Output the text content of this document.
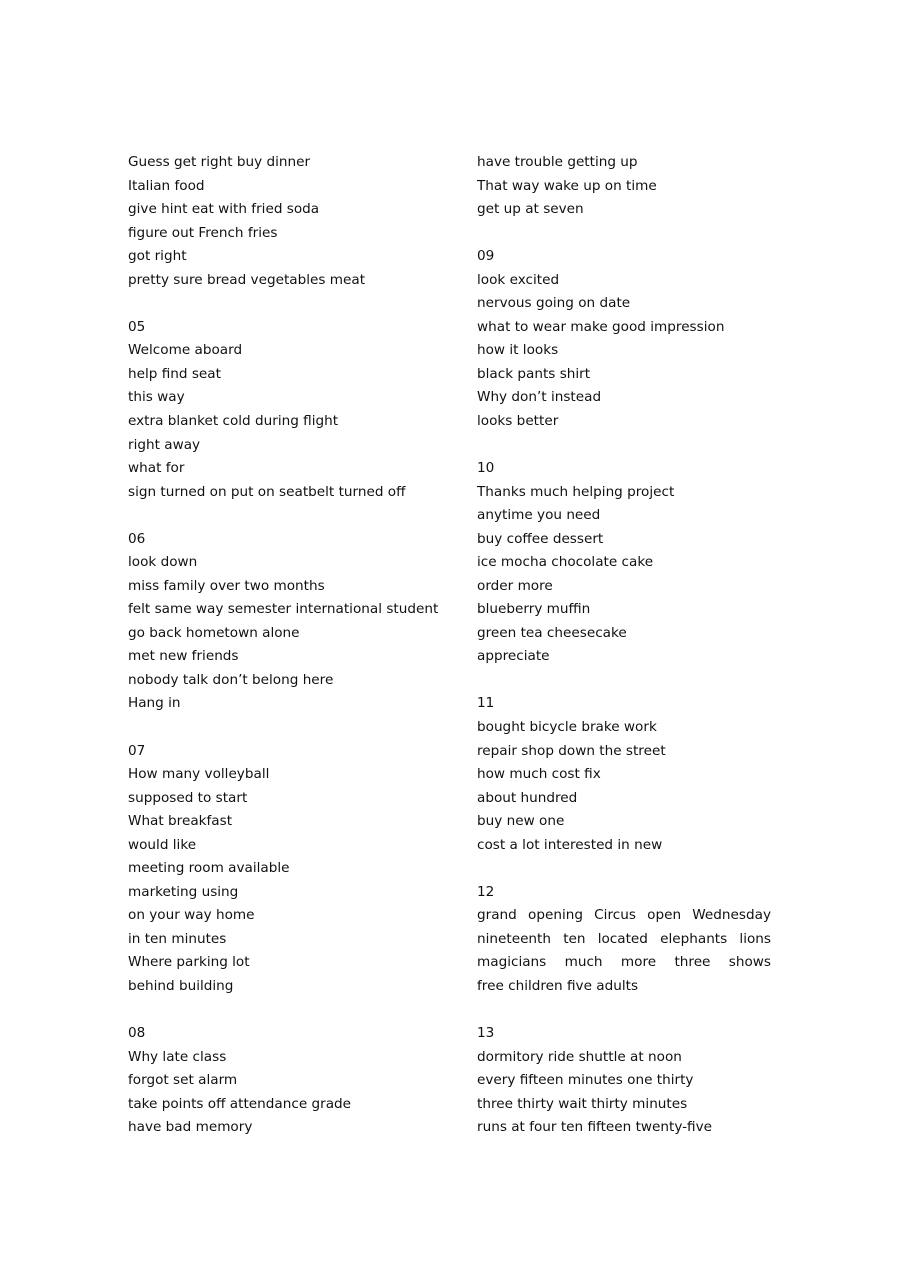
Guess get right buy dinner
Italian food
give hint eat with fried soda
figure out French fries
got right
pretty sure bread vegetables meat
05
Welcome aboard
help find seat
this way
extra blanket cold during flight
right away
what for
sign turned on put on seatbelt turned off
06
look down
miss family over two months
felt same way semester international student
go back hometown alone
met new friends
nobody talk don’t belong here
Hang in
07
How many volleyball
supposed to start
What breakfast
would like
meeting room available
marketing using
on your way home
in ten minutes
Where parking lot
behind building
08
Why late class
forgot set alarm
take points off attendance grade
have bad memory
have trouble getting up
That way wake up on time
get up at seven
09
look excited
nervous going on date
what to wear make good impression
how it looks
black pants shirt
Why don’t instead
looks better
10
Thanks much helping project
anytime you need
buy coffee dessert
ice mocha chocolate cake
order more
blueberry muffin
green tea cheesecake
appreciate
11
bought bicycle brake work
repair shop down the street
how much cost fix
about hundred
buy new one
cost a lot interested in new
12
grand opening Circus open Wednesday
nineteenth ten located elephants lions
magicians much more three shows
free children five adults
13
dormitory ride shuttle at noon
every fifteen minutes one thirty
three thirty wait thirty minutes
runs at four ten fifteen twenty-five
